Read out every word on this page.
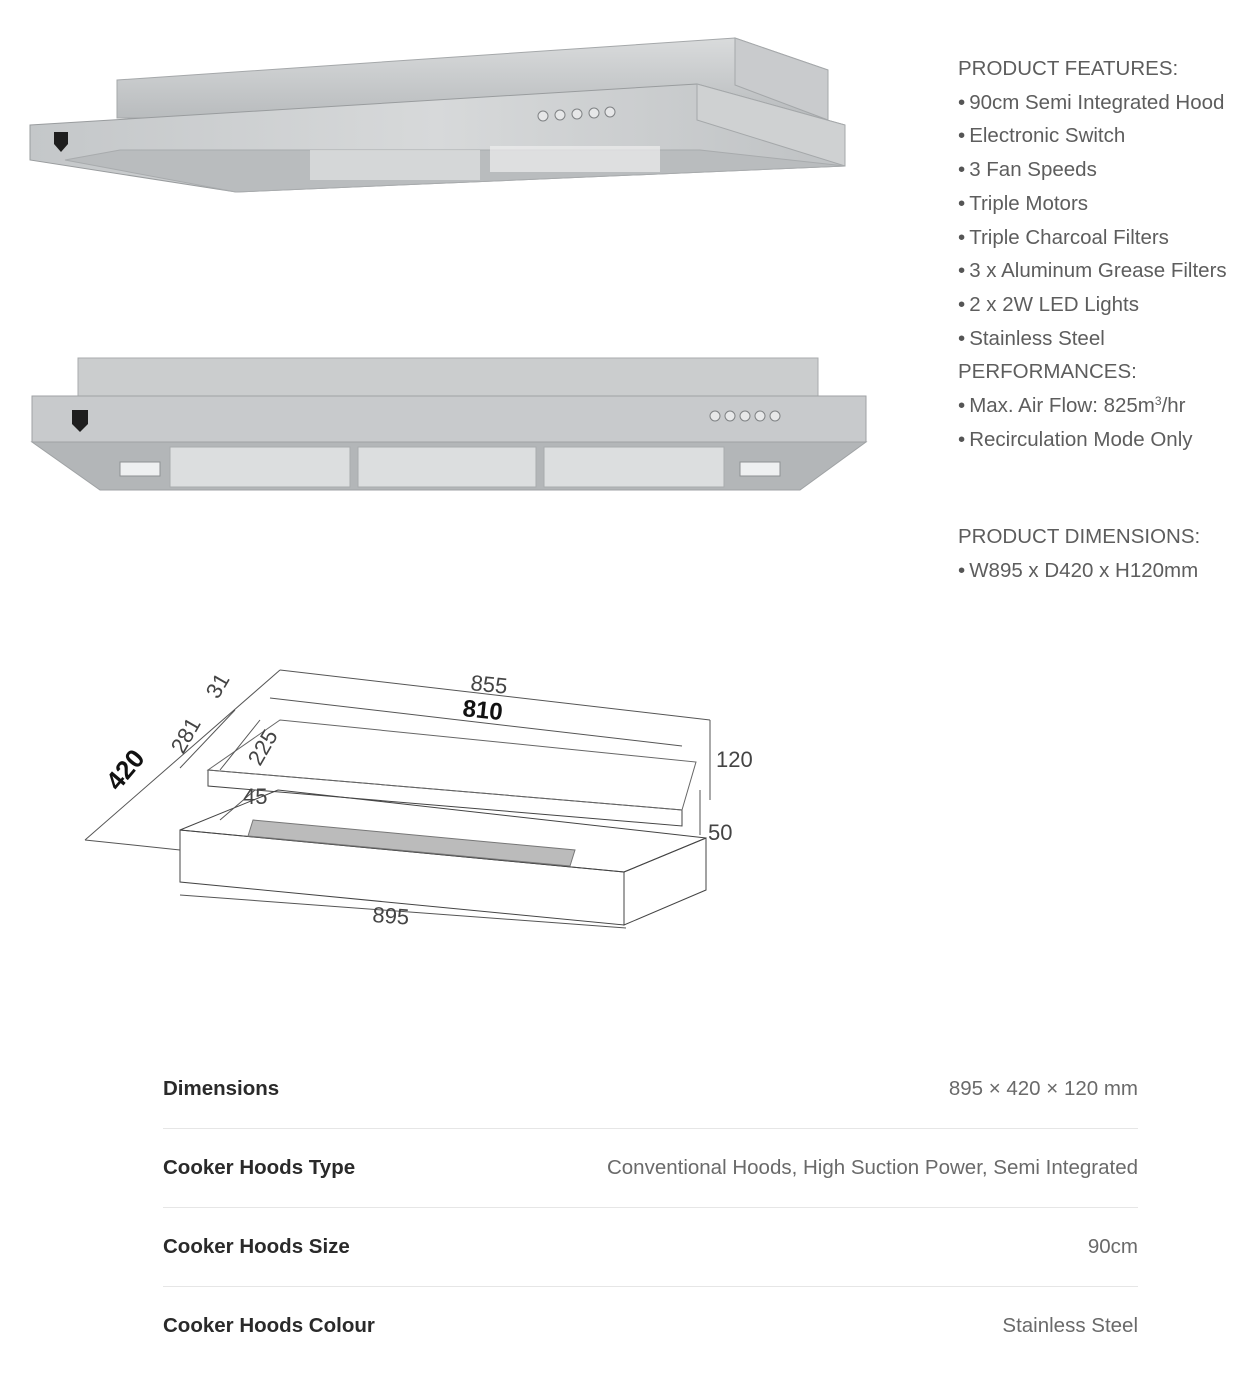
PRODUCT FEATURES:
• 90cm Semi Integrated Hood
• Electronic Switch
• 3 Fan Speeds
• Triple Motors
• Triple Charcoal Filters
• 3 x Aluminum Grease Filters
• 2 x 2W LED Lights
• Stainless Steel
PERFORMANCES:
• Max. Air Flow: $825m^3/hr$
• Recirculation Mode Only
PRODUCT DIMENSIONS:
• W895 x D420 x H120mm
855
810
31
281 225
420
45
120
50
895
Dimensions	895 × 420 × 120 mm
Cooker Hoods Type	Conventional Hoods, High Suction Power, Semi Integrated
Cooker Hoods Size	90cm
Cooker Hoods Colour	Stainless Steel
